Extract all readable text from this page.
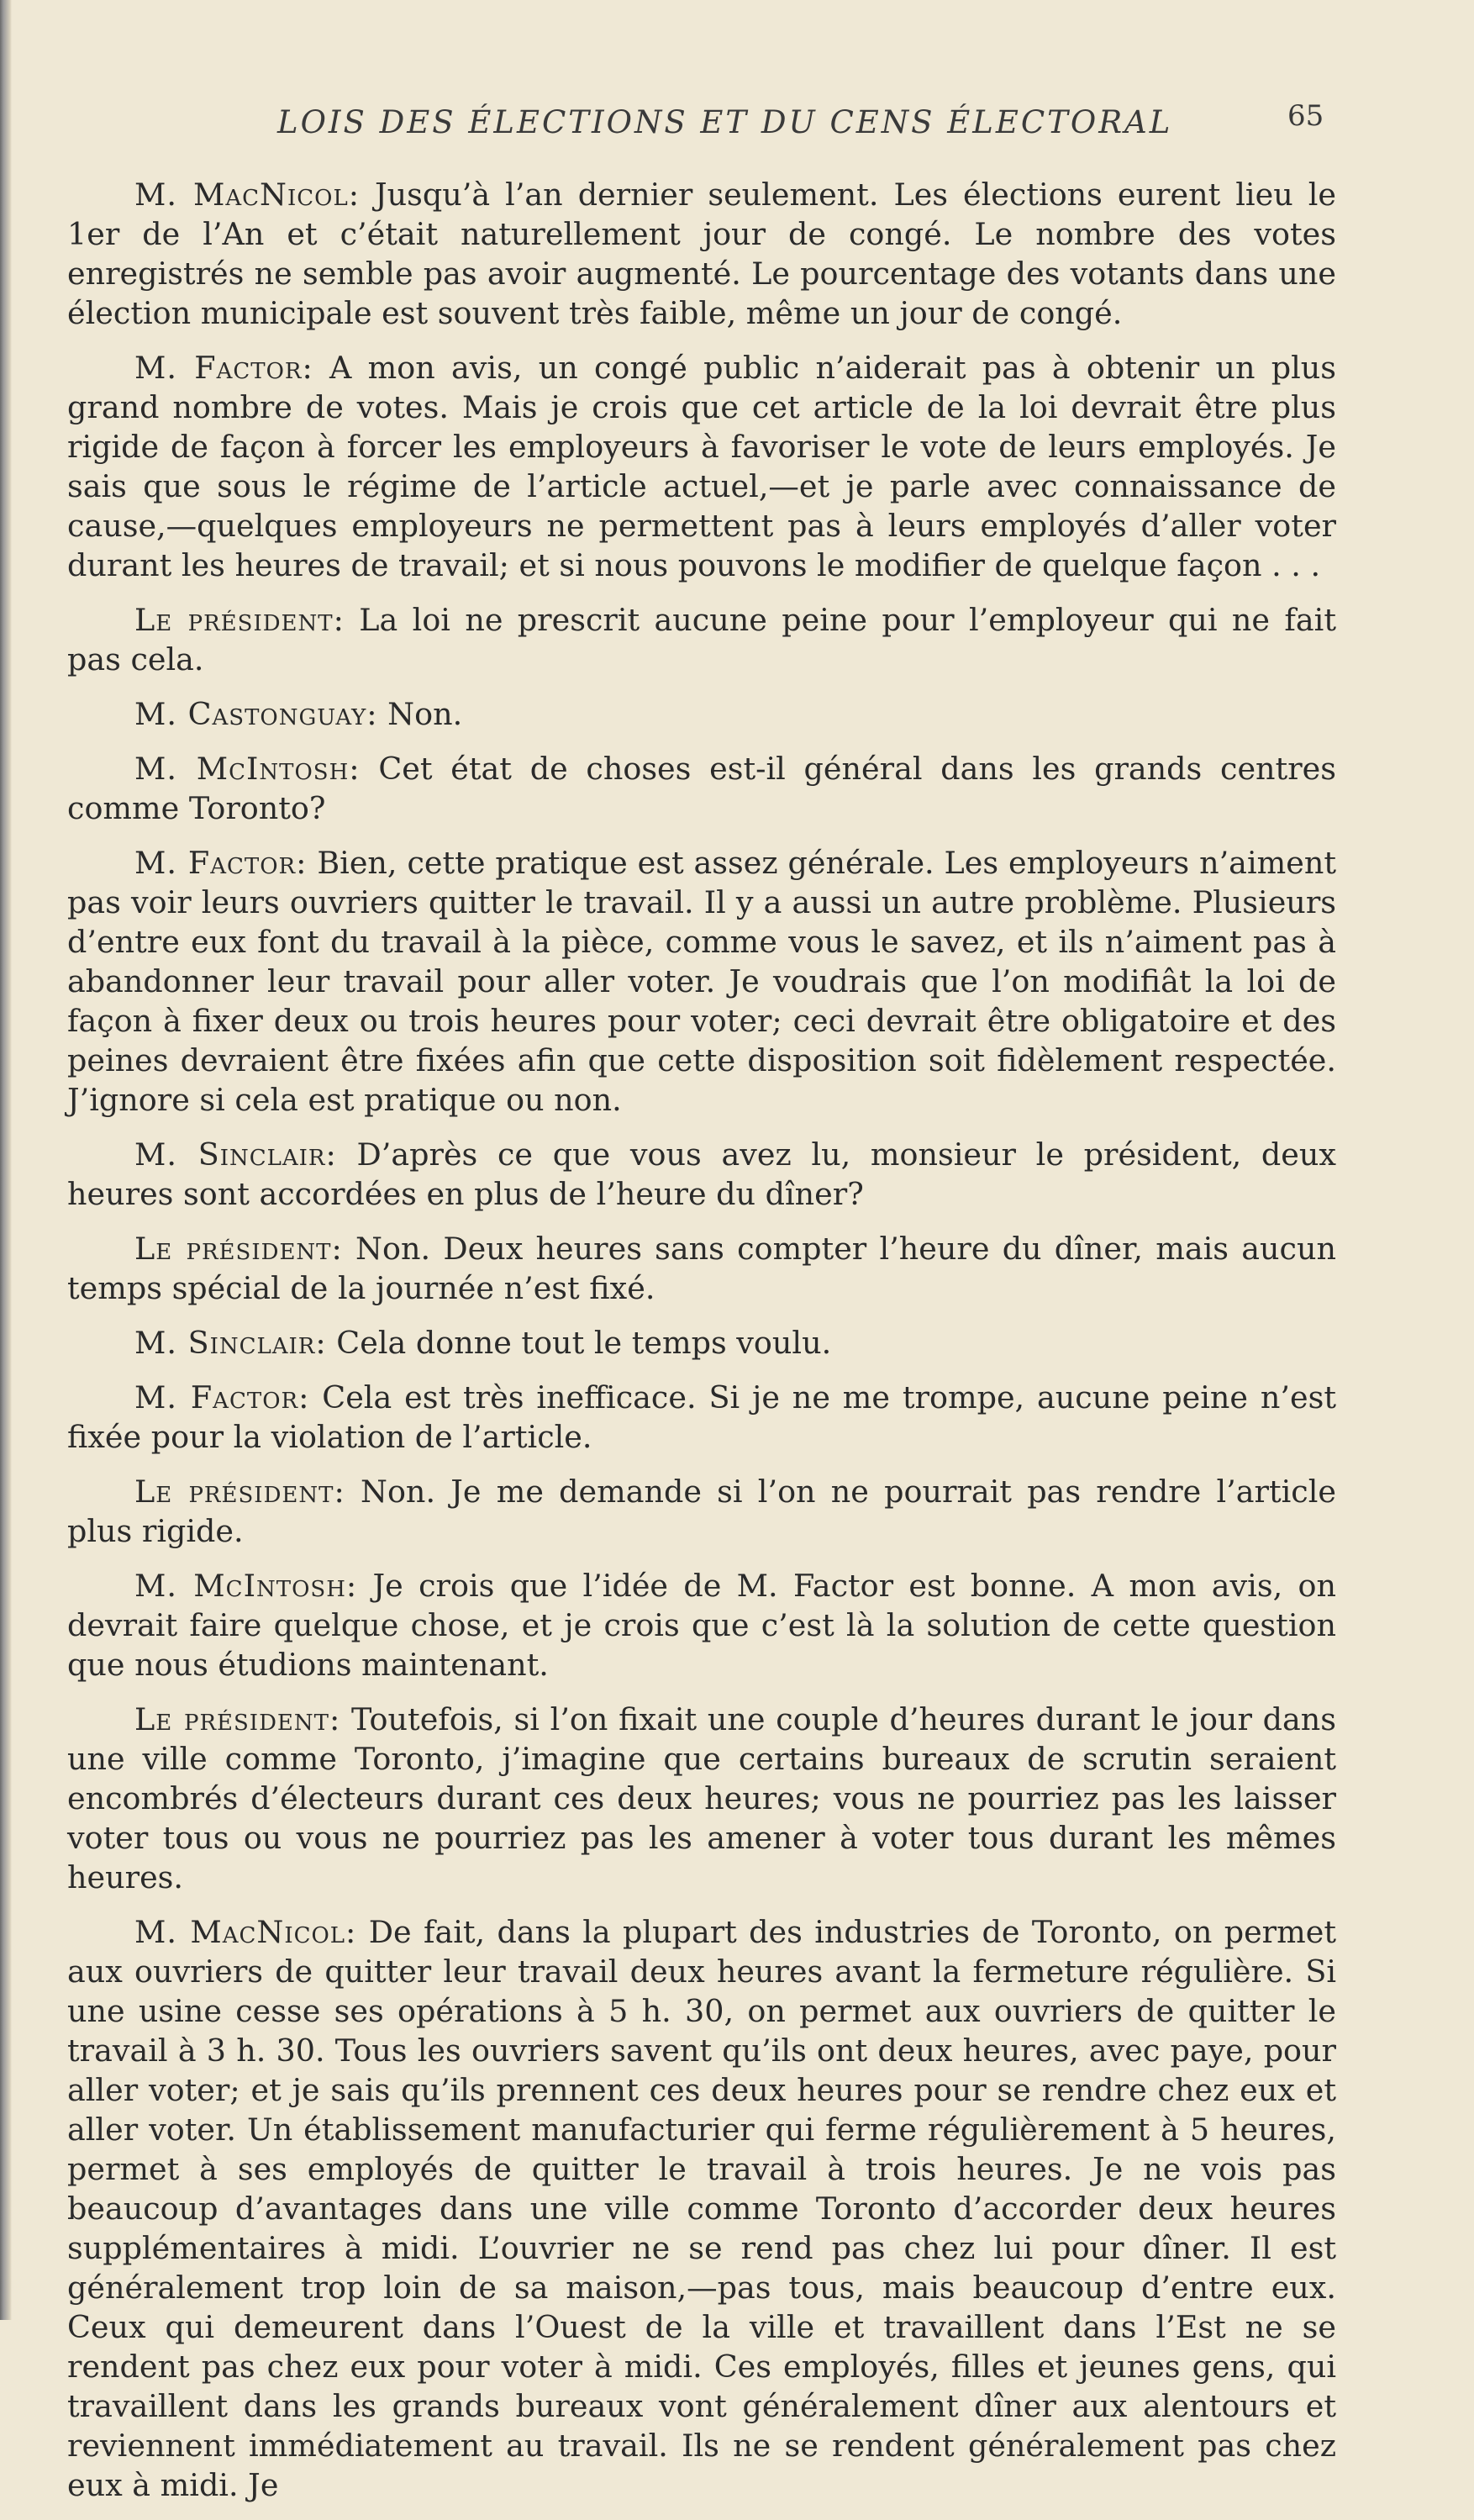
LOIS DES ÉLECTIONS ET DU CENS ÉLECTORAL	65

M. MacNicol: Jusqu’à l’an dernier seulement. Les élections eurent lieu le 1er de l’An et c’était naturellement jour de congé. Le nombre des votes enregistrés ne semble pas avoir augmenté. Le pourcentage des votants dans une élection municipale est souvent très faible, même un jour de congé.

M. Factor: A mon avis, un congé public n’aiderait pas à obtenir un plus grand nombre de votes. Mais je crois que cet article de la loi devrait être plus rigide de façon à forcer les employeurs à favoriser le vote de leurs employés. Je sais que sous le régime de l’article actuel,—et je parle avec connaissance de cause,—quelques employeurs ne permettent pas à leurs employés d’aller voter durant les heures de travail; et si nous pouvons le modifier de quelque façon . . .

Le président: La loi ne prescrit aucune peine pour l’employeur qui ne fait pas cela.

M. Castonguay: Non.

M. McIntosh: Cet état de choses est-il général dans les grands centres comme Toronto?

M. Factor: Bien, cette pratique est assez générale. Les employeurs n’aiment pas voir leurs ouvriers quitter le travail. Il y a aussi un autre problème. Plusieurs d’entre eux font du travail à la pièce, comme vous le savez, et ils n’aiment pas à abandonner leur travail pour aller voter. Je voudrais que l’on modifiât la loi de façon à fixer deux ou trois heures pour voter; ceci devrait être obligatoire et des peines devraient être fixées afin que cette disposition soit fidèlement respectée. J’ignore si cela est pratique ou non.

M. Sinclair: D’après ce que vous avez lu, monsieur le président, deux heures sont accordées en plus de l’heure du dîner?

Le président: Non. Deux heures sans compter l’heure du dîner, mais aucun temps spécial de la journée n’est fixé.

M. Sinclair: Cela donne tout le temps voulu.

M. Factor: Cela est très inefficace. Si je ne me trompe, aucune peine n’est fixée pour la violation de l’article.

Le président: Non. Je me demande si l’on ne pourrait pas rendre l’article plus rigide.

M. McIntosh: Je crois que l’idée de M. Factor est bonne. A mon avis, on devrait faire quelque chose, et je crois que c’est là la solution de cette question que nous étudions maintenant.

Le président: Toutefois, si l’on fixait une couple d’heures durant le jour dans une ville comme Toronto, j’imagine que certains bureaux de scrutin seraient encombrés d’électeurs durant ces deux heures; vous ne pourriez pas les laisser voter tous ou vous ne pourriez pas les amener à voter tous durant les mêmes heures.

M. MacNicol: De fait, dans la plupart des industries de Toronto, on permet aux ouvriers de quitter leur travail deux heures avant la fermeture régulière. Si une usine cesse ses opérations à 5 h. 30, on permet aux ouvriers de quitter le travail à 3 h. 30. Tous les ouvriers savent qu’ils ont deux heures, avec paye, pour aller voter; et je sais qu’ils prennent ces deux heures pour se rendre chez eux et aller voter. Un établissement manufacturier qui ferme régulièrement à 5 heures, permet à ses employés de quitter le travail à trois heures. Je ne vois pas beaucoup d’avantages dans une ville comme Toronto d’accorder deux heures supplémentaires à midi. L’ouvrier ne se rend pas chez lui pour dîner. Il est généralement trop loin de sa maison,—pas tous, mais beaucoup d’entre eux. Ceux qui demeurent dans l’Ouest de la ville et travaillent dans l’Est ne se rendent pas chez eux pour voter à midi. Ces employés, filles et jeunes gens, qui travaillent dans les grands bureaux vont généralement dîner aux alentours et reviennent immédiatement au travail. Ils ne se rendent généralement pas chez eux à midi. Je
